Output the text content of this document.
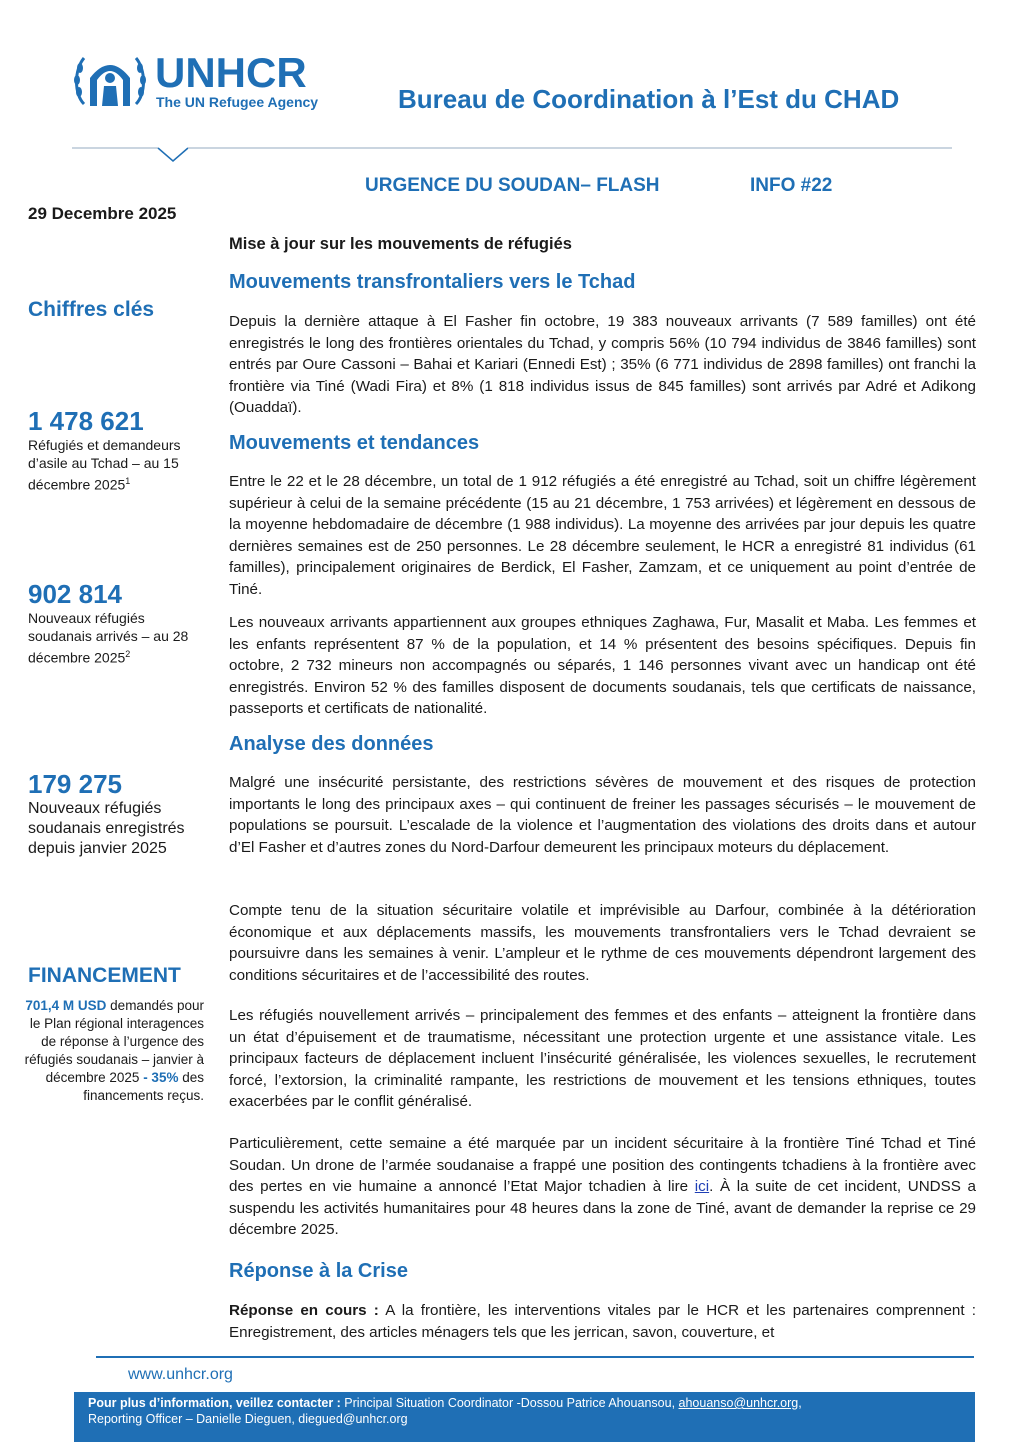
UNHCR
The UN Refugee Agency	Bureau de Coordination à l’Est du CHAD
URGENCE DU SOUDAN– FLASH	INFO #22
29 Decembre 2025
Chiffres clés
1 478 621
Réfugiés et demandeurs d’asile au Tchad – au 15 décembre 2025$^1$
902 814
Nouveaux réfugiés soudanais arrivés – au 28 décembre 2025$^2$
179 275
Nouveaux réfugiés soudanais enregistrés depuis janvier 2025
FINANCEMENT
701,4 M USD demandés pour le Plan régional interagences de réponse à l’urgence des réfugiés soudanais – janvier à décembre 2025 - 35% des financements reçus.
Mise à jour sur les mouvements de réfugiés
Mouvements transfrontaliers vers le Tchad
Depuis la dernière attaque à El Fasher fin octobre, 19 383 nouveaux arrivants (7 589 familles) ont été enregistrés le long des frontières orientales du Tchad, y compris 56% (10 794 individus de 3846 familles) sont entrés par Oure Cassoni – Bahai et Kariari (Ennedi Est) ; 35% (6 771 individus de 2898 familles) ont franchi la frontière via Tiné (Wadi Fira) et 8% (1 818 individus issus de 845 familles) sont arrivés par Adré et Adikong (Ouaddaï).
Mouvements et tendances
Entre le 22 et le 28 décembre, un total de 1 912 réfugiés a été enregistré au Tchad, soit un chiffre légèrement supérieur à celui de la semaine précédente (15 au 21 décembre, 1 753 arrivées) et légèrement en dessous de la moyenne hebdomadaire de décembre (1 988 individus). La moyenne des arrivées par jour depuis les quatre dernières semaines est de 250 personnes. Le 28 décembre seulement, le HCR a enregistré 81 individus (61 familles), principalement originaires de Berdick, El Fasher, Zamzam, et ce uniquement au point d’entrée de Tiné.
Les nouveaux arrivants appartiennent aux groupes ethniques Zaghawa, Fur, Masalit et Maba. Les femmes et les enfants représentent 87 % de la population, et 14 % présentent des besoins spécifiques. Depuis fin octobre, 2 732 mineurs non accompagnés ou séparés, 1 146 personnes vivant avec un handicap ont été enregistrés. Environ 52 % des familles disposent de documents soudanais, tels que certificats de naissance, passeports et certificats de nationalité.
Analyse des données
Malgré une insécurité persistante, des restrictions sévères de mouvement et des risques de protection importants le long des principaux axes – qui continuent de freiner les passages sécurisés – le mouvement de populations se poursuit. L’escalade de la violence et l’augmentation des violations des droits dans et autour d’El Fasher et d’autres zones du Nord-Darfour demeurent les principaux moteurs du déplacement.
Compte tenu de la situation sécuritaire volatile et imprévisible au Darfour, combinée à la détérioration économique et aux déplacements massifs, les mouvements transfrontaliers vers le Tchad devraient se poursuivre dans les semaines à venir. L’ampleur et le rythme de ces mouvements dépendront largement des conditions sécuritaires et de l’accessibilité des routes.
Les réfugiés nouvellement arrivés – principalement des femmes et des enfants – atteignent la frontière dans un état d’épuisement et de traumatisme, nécessitant une protection urgente et une assistance vitale. Les principaux facteurs de déplacement incluent l’insécurité généralisée, les violences sexuelles, le recrutement forcé, l’extorsion, la criminalité rampante, les restrictions de mouvement et les tensions ethniques, toutes exacerbées par le conflit généralisé.
Particulièrement, cette semaine a été marquée par un incident sécuritaire à la frontière Tiné Tchad et Tiné Soudan. Un drone de l’armée soudanaise a frappé une position des contingents tchadiens à la frontière avec des pertes en vie humaine a annoncé l’Etat Major tchadien à lire ici. À la suite de cet incident, UNDSS a suspendu les activités humanitaires pour 48 heures dans la zone de Tiné, avant de demander la reprise ce 29 décembre 2025.
Réponse à la Crise
Réponse en cours : A la frontière, les interventions vitales par le HCR et les partenaires comprennent : Enregistrement, des articles ménagers tels que les jerrican, savon, couverture, et
www.unhcr.org
Pour plus d’information, veillez contacter : Principal Situation Coordinator -Dossou Patrice Ahouansou, ahouanso@unhcr.org,
Reporting Officer – Danielle Dieguen, diegued@unhcr.org
